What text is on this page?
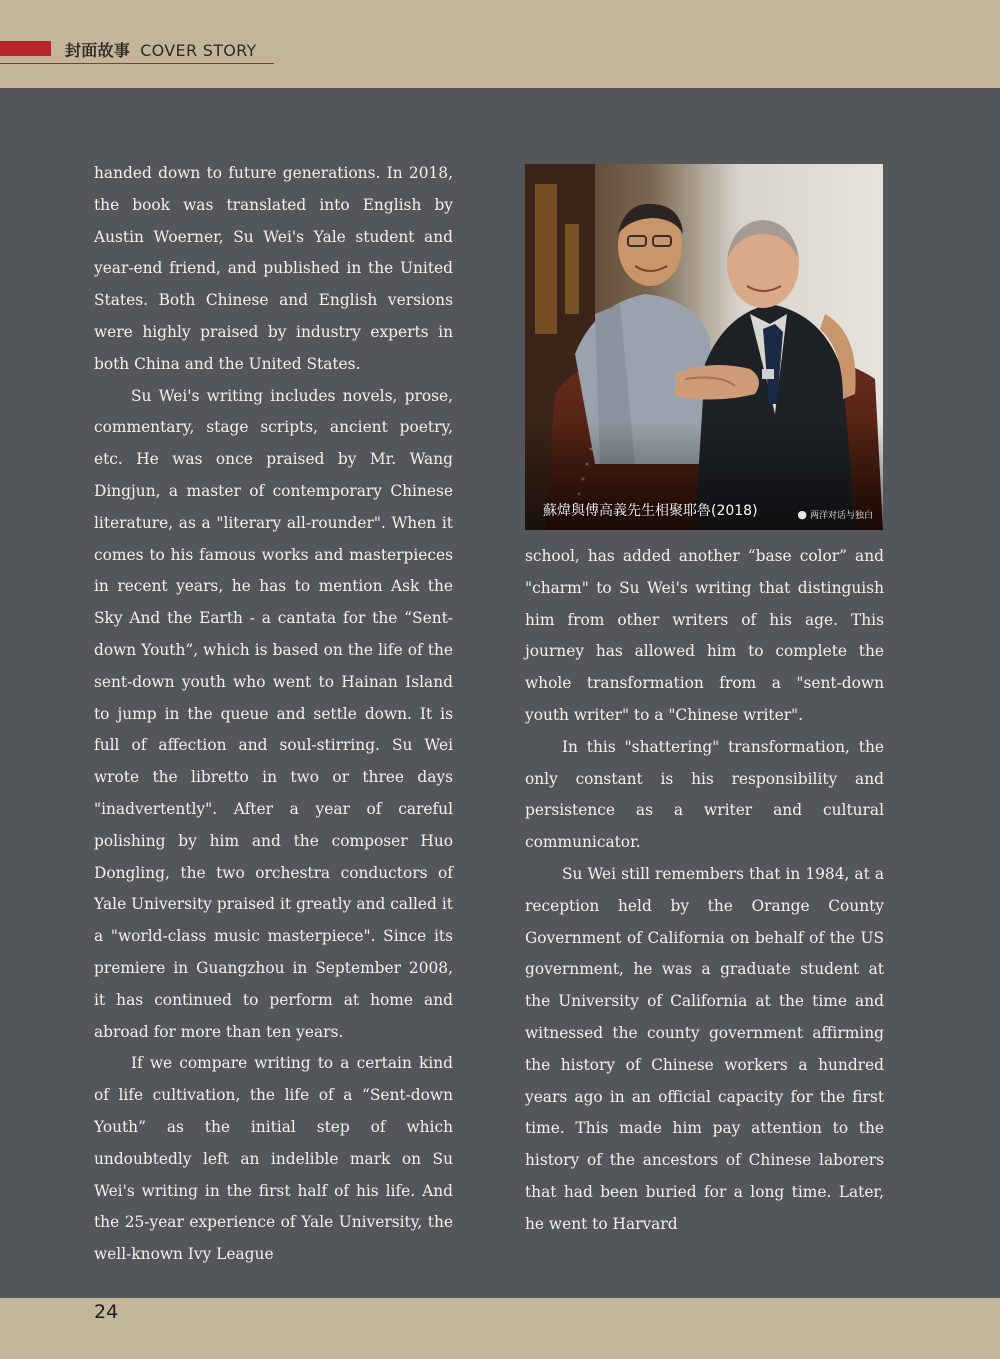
封面故事 COVER STORY

handed down to future generations. In 2018, the book was translated into English by Austin Woerner, Su Wei's Yale student and year-end friend, and published in the United States. Both Chinese and English versions were highly praised by industry experts in both China and the United States.

Su Wei's writing includes novels, prose, commentary, stage scripts, ancient poetry, etc. He was once praised by Mr. Wang Dingjun, a master of contemporary Chinese literature, as a "literary all-rounder". When it comes to his famous works and masterpieces in recent years, he has to mention Ask the Sky And the Earth - a cantata for the “Sent-down Youth”, which is based on the life of the sent-down youth who went to Hainan Island to jump in the queue and settle down. It is full of affection and soul-stirring. Su Wei wrote the libretto in two or three days "inadvertently". After a year of careful polishing by him and the composer Huo Dongling, the two orchestra conductors of Yale University praised it greatly and called it a "world-class music masterpiece". Since its premiere in Guangzhou in September 2008, it has continued to perform at home and abroad for more than ten years.

If we compare writing to a certain kind of life cultivation, the life of a “Sent-down Youth” as the initial step of which undoubtedly left an indelible mark on Su Wei's writing in the first half of his life. And the 25-year experience of Yale University, the well-known Ivy League

蘇煒與傅高義先生相聚耶魯(2018)	● 两洋对话与独白

school, has added another “base color” and "charm" to Su Wei's writing that distinguish him from other writers of his age. This journey has allowed him to complete the whole transformation from a "sent-down youth writer" to a "Chinese writer".

In this "shattering" transformation, the only constant is his responsibility and persistence as a writer and cultural communicator.

Su Wei still remembers that in 1984, at a reception held by the Orange County Government of California on behalf of the US government, he was a graduate student at the University of California at the time and witnessed the county government affirming the history of Chinese workers a hundred years ago in an official capacity for the first time. This made him pay attention to the history of the ancestors of Chinese laborers that had been buried for a long time. Later, he went to Harvard

24
